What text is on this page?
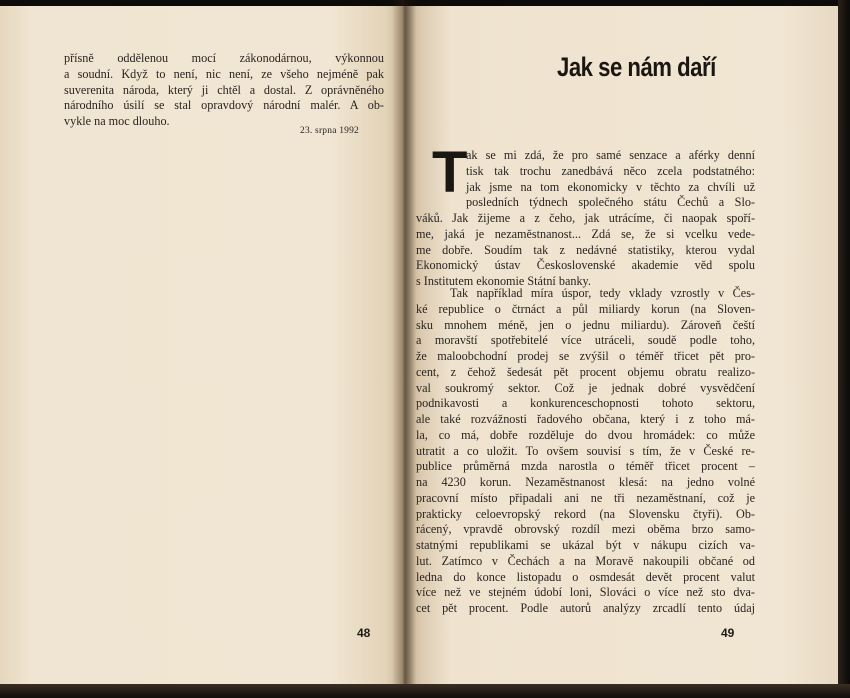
přísně oddělenou mocí zákonodárnou, výkonnou

a soudní. Když to není, nic není, ze všeho nejméně pak

suverenita národa, který ji chtěl a dostal. Z oprávněného

národního úsilí se stal opravdový národní malér. A ob-

vykle na moc dlouho.

23. srpna 1992
48
Jak se nám daří
T
ak se mi zdá, že pro samé senzace a aférky denní
tisk tak trochu zanedbává něco zcela podstatného:
jak jsme na tom ekonomicky v těchto za chvíli už
posledních týdnech společného státu Čechů a Slo-
váků. Jak žijeme a z čeho, jak utrácíme, či naopak spoří-
me, jaká je nezaměstnanost... Zdá se, že si vcelku vede-
me dobře. Soudím tak z nedávné statistiky, kterou vydal
Ekonomický ústav Československé akademie věd spolu
s Institutem ekonomie Státní banky.
Tak například míra úspor, tedy vklady vzrostly v Čes-
ké republice o čtrnáct a půl miliardy korun (na Sloven-
sku mnohem méně, jen o jednu miliardu). Zároveň čeští
a moravští spotřebitelé více utráceli, soudě podle toho,
že maloobchodní prodej se zvýšil o téměř třicet pět pro-
cent, z čehož šedesát pět procent objemu obratu realizo-
val soukromý sektor. Což je jednak dobré vysvědčení
podnikavosti a konkurenceschopnosti tohoto sektoru,
ale také rozvážnosti řadového občana, který i z toho má-
la, co má, dobře rozděluje do dvou hromádek: co může
utratit a co uložit. To ovšem souvisí s tím, že v České re-
publice průměrná mzda narostla o téměř třicet procent –
na 4230 korun. Nezaměstnanost klesá: na jedno volné
pracovní místo připadali ani ne tři nezaměstnaní, což je
prakticky celoevropský rekord (na Slovensku čtyři). Ob-
rácený, vpravdě obrovský rozdíl mezi oběma brzo samo-
statnými republikami se ukázal být v nákupu cizích va-
lut. Zatímco v Čechách a na Moravě nakoupili občané od
ledna do konce listopadu o osmdesát devět procent valut
více než ve stejném údobí loni, Slováci o více než sto dva-
cet pět procent. Podle autorů analýzy zrcadlí tento údaj
49
